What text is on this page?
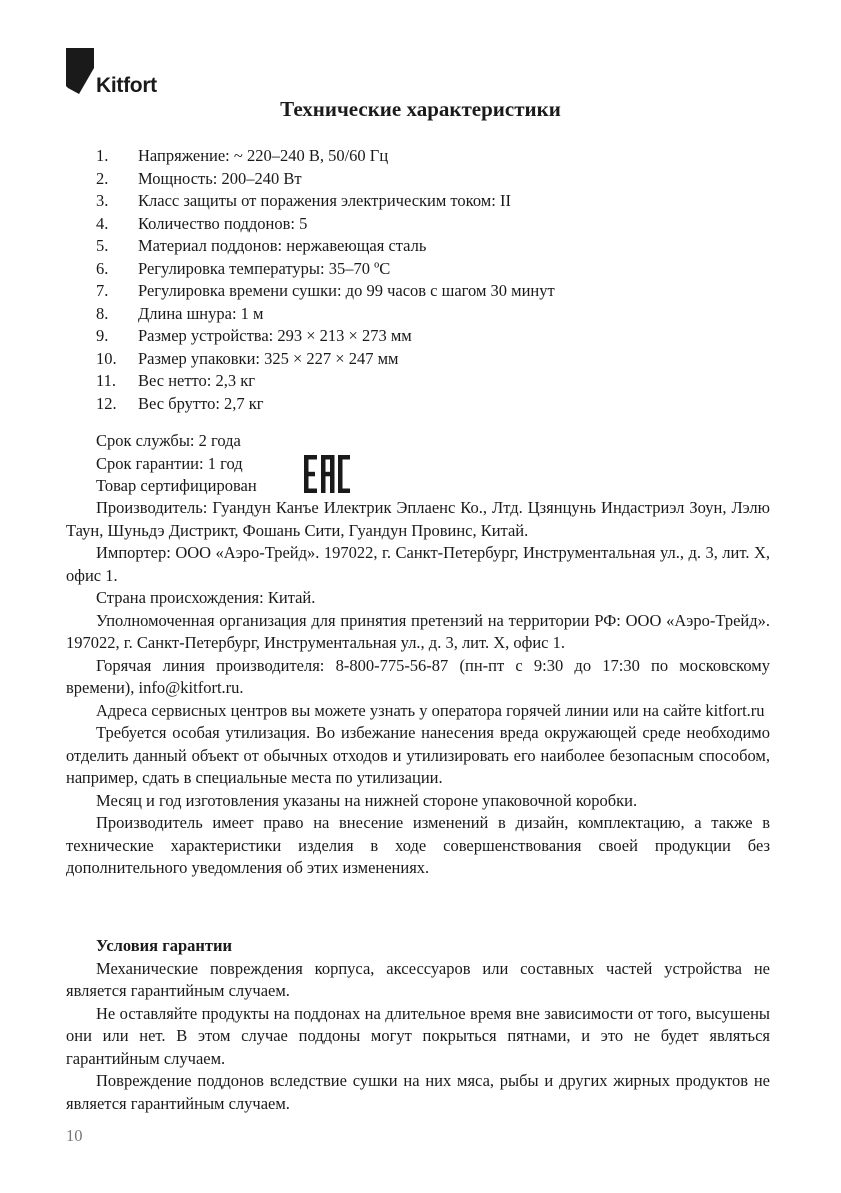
Kitfort
Технические характеристики
1. Напряжение: ~ 220–240 В, 50/60 Гц
2. Мощность: 200–240 Вт
3. Класс защиты от поражения электрическим током: II
4. Количество поддонов: 5
5. Материал поддонов: нержавеющая сталь
6. Регулировка температуры: 35–70 ºC
7. Регулировка времени сушки: до 99 часов с шагом 30 минут
8. Длина шнура: 1 м
9. Размер устройства: 293 × 213 × 273 мм
10. Размер упаковки: 325 × 227 × 247 мм
11. Вес нетто: 2,3 кг
12. Вес брутто: 2,7 кг

Срок службы: 2 года

Срок гарантии: 1 год

Товар сертифицирован

Производитель: Гуандун Канъе Илектрик Эплаенс Ко., Лтд. Цзянцунь Индастриэл Зоун, Лэлю Таун, Шуньдэ Дистрикт, Фошань Сити, Гуандун Провинс, Китай.

Импортер: ООО «Аэро-Трейд». 197022, г. Санкт-Петербург, Инструментальная ул., д. 3, лит. Х, офис 1.

Страна происхождения: Китай.

Уполномоченная организация для принятия претензий на территории РФ: ООО «Аэро-Трейд». 197022, г. Санкт-Петербург, Инструментальная ул., д. 3, лит. Х, офис 1.

Горячая линия производителя: 8-800-775-56-87 (пн-пт с 9:30 до 17:30 по московскому времени), info@kitfort.ru.

Адреса сервисных центров вы можете узнать у оператора горячей линии или на сайте kitfort.ru

Требуется особая утилизация. Во избежание нанесения вреда окружающей среде необходимо отделить данный объект от обычных отходов и утилизировать его наиболее безопасным способом, например, сдать в специальные места по утилизации.

Месяц и год изготовления указаны на нижней стороне упаковочной коробки.

Производитель имеет право на внесение изменений в дизайн, комплектацию, а также в технические характеристики изделия в ходе совершенствования своей продукции без дополнительного уведомления об этих изменениях.

Условия гарантии

Механические повреждения корпуса, аксессуаров или составных частей устройства не является гарантийным случаем.

Не оставляйте продукты на поддонах на длительное время вне зависимости от того, высушены они или нет. В этом случае поддоны могут покрыться пятнами, и это не будет являться гарантийным случаем.

Повреждение поддонов вследствие сушки на них мяса, рыбы и других жирных продуктов не является гарантийным случаем.

10
